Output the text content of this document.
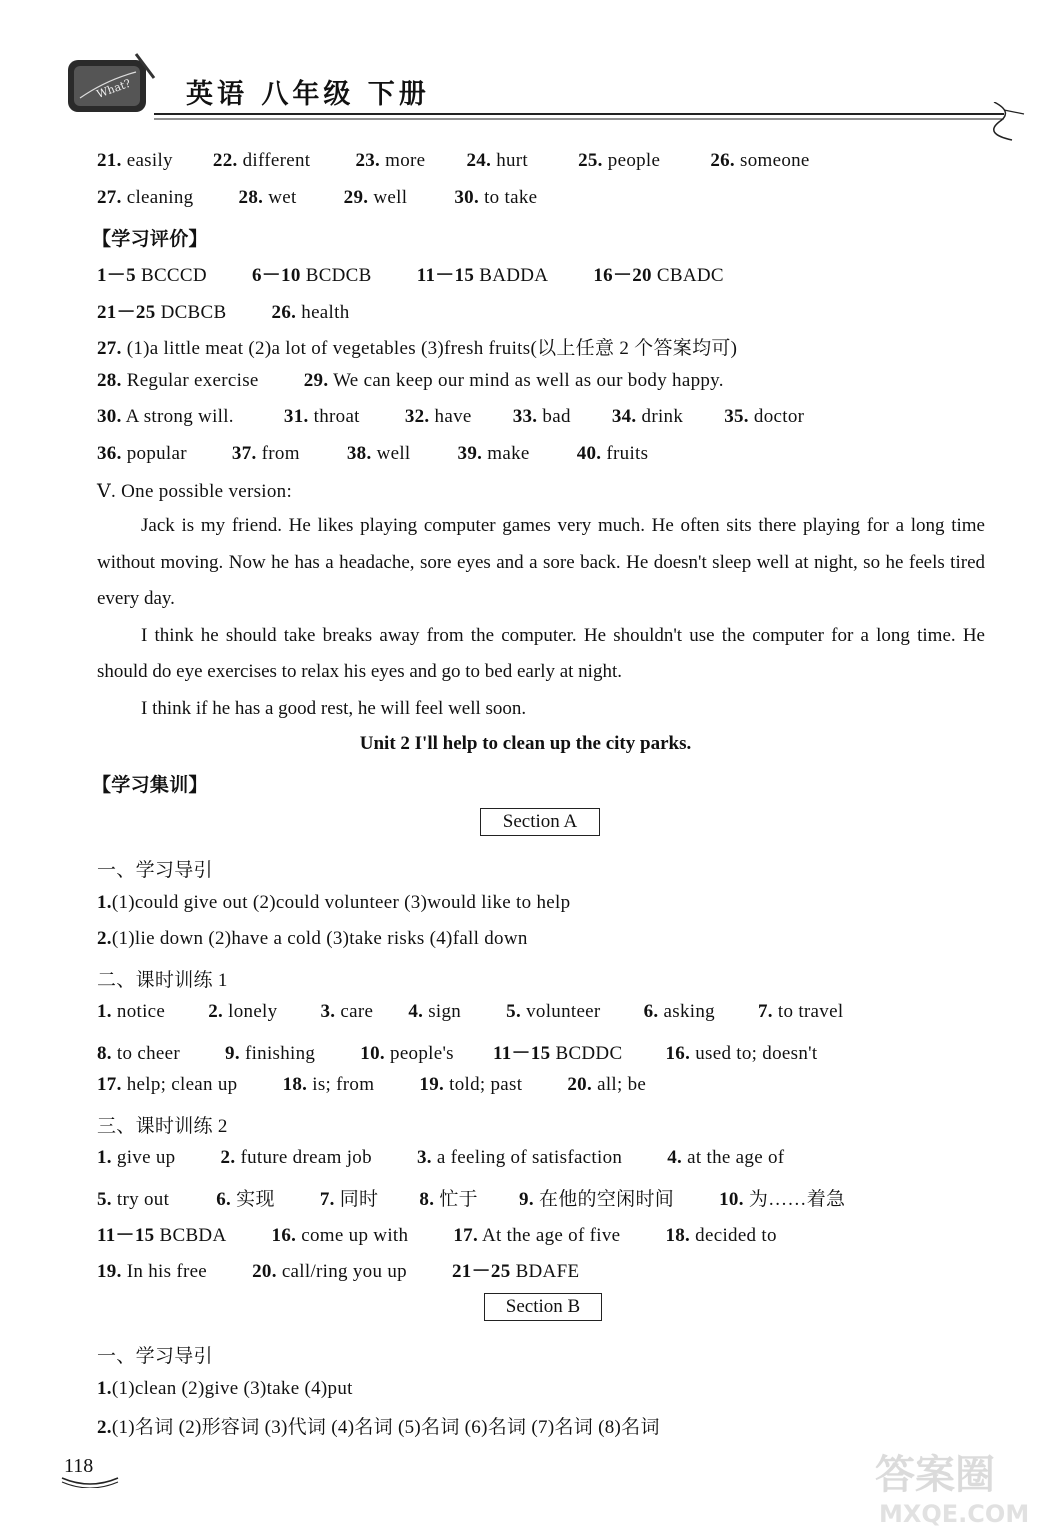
What? 英语 八年级 下册
21. easily 22. different 23. more 24. hurt	25. people	26. someone
27. cleaning 28. wet 29. well 30. to take
【学习评价】
1－5 BCCCD 6－10 BCDCB 11－15 BADDA 16－20 CBADC
21－25 DCBCB 26. health
27. (1)a little meat (2)a lot of vegetables (3)fresh fruits(以上任意 2 个答案均可)
28. Regular exercise 29. We can keep our mind as well as our body happy.
30. A strong will.	31. throat 32. have 33. bad 34. drink 35. doctor
36. popular 37. from 38. well 39. make 40. fruits
Ⅴ. One possible version:

Jack is my friend. He likes playing computer games very much. He often sits there playing for a long time without moving. Now he has a headache, sore eyes and a sore back. He doesn't sleep well at night, so he feels tired every day.

I think he should take breaks away from the computer. He shouldn't use the computer for a long time. He should do eye exercises to relax his eyes and go to bed early at night.

I think if he has a good rest, he will feel well soon.

Unit 2 I'll help to clean up the city parks.
【学习集训】
Section A
一、学习导引
1.(1)could give out (2)could volunteer (3)would like to help
2.(1)lie down (2)have a cold (3)take risks (4)fall down
二、课时训练 1
1. notice 2. lonely 3. care 4. sign 5. volunteer 6. asking 7. to travel
8. to cheer 9. finishing 10. people's 11－15 BCDDC 16. used to; doesn't
17. help; clean up 18. is; from 19. told; past 20. all; be
三、课时训练 2
1. give up 2. future dream job 3. a feeling of satisfaction 4. at the age of
5. try out 6. 实现 7. 同时 8. 忙于 9. 在他的空闲时间 10. 为……着急
11－15 BCBDA 16. come up with 17. At the age of five 18. decided to
19. In his free 20. call/ring you up 21－25 BDAFE
Section B
一、学习导引
1.(1)clean (2)give (3)take (4)put
2.(1)名词 (2)形容词 (3)代词 (4)名词 (5)名词 (6)名词 (7)名词 (8)名词
118	答案圈
MXQE.COM
